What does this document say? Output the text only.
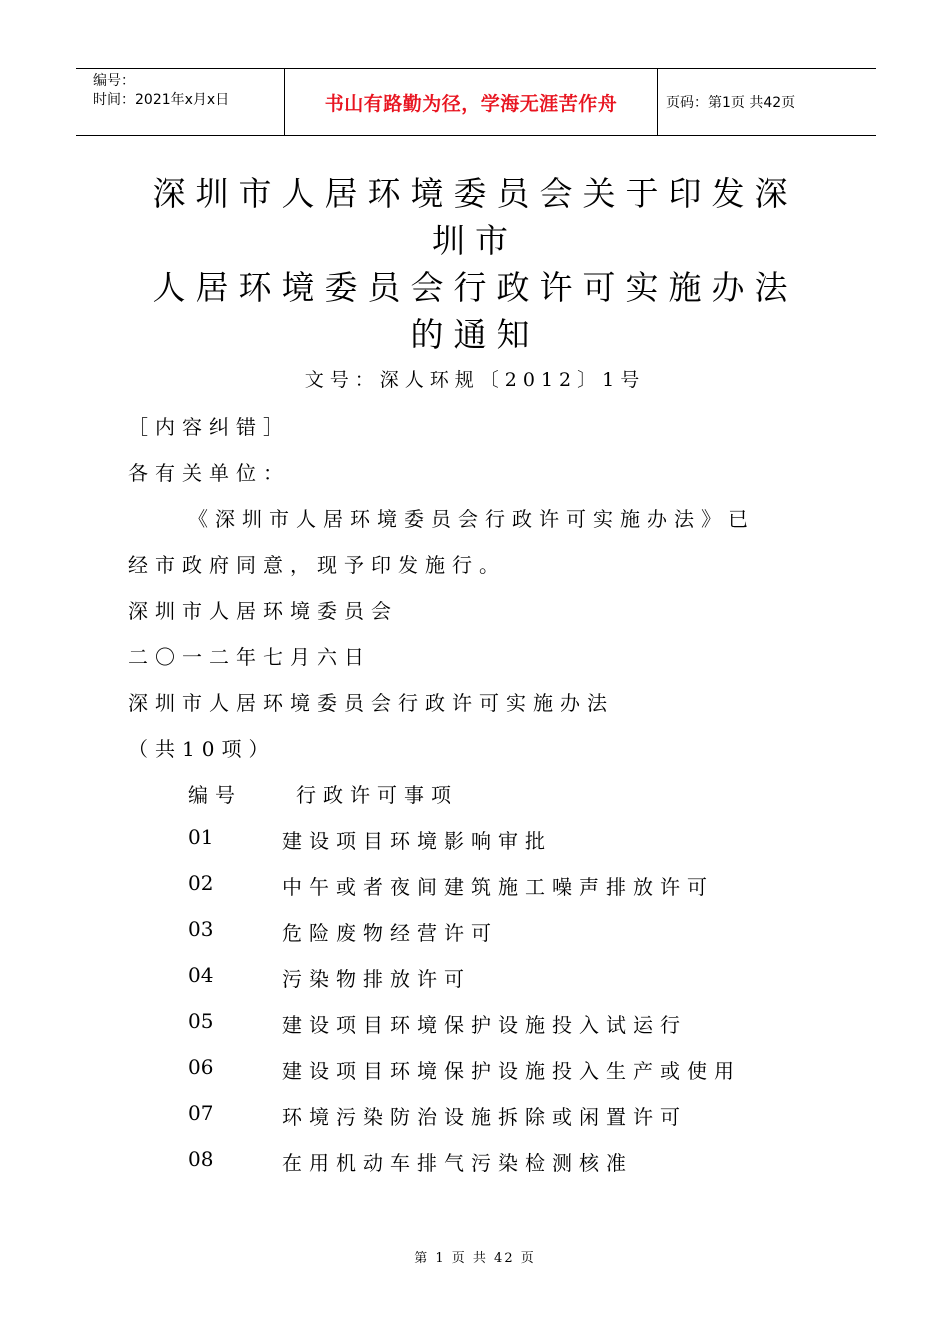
编号：
时间：2021年x月x日	书山有路勤为径，学海无涯苦作舟	页码：第1页 共42页
深圳市人居环境委员会关于印发深
圳市
人居环境委员会行政许可实施办法
的通知
文号：深人环规〔2012〕1号
［内容纠错］
各有关单位：
《深圳市人居环境委员会行政许可实施办法》已
经市政府同意，现予印发施行。
深圳市人居环境委员会
二〇一二年七月六日
深圳市人居环境委员会行政许可实施办法
（共10项）
编号	行政许可事项
01	建设项目环境影响审批
02	中午或者夜间建筑施工噪声排放许可
03	危险废物经营许可
04	污染物排放许可
05	建设项目环境保护设施投入试运行
06	建设项目环境保护设施投入生产或使用
07	环境污染防治设施拆除或闲置许可
08	在用机动车排气污染检测核准
第 1 页 共 42 页
